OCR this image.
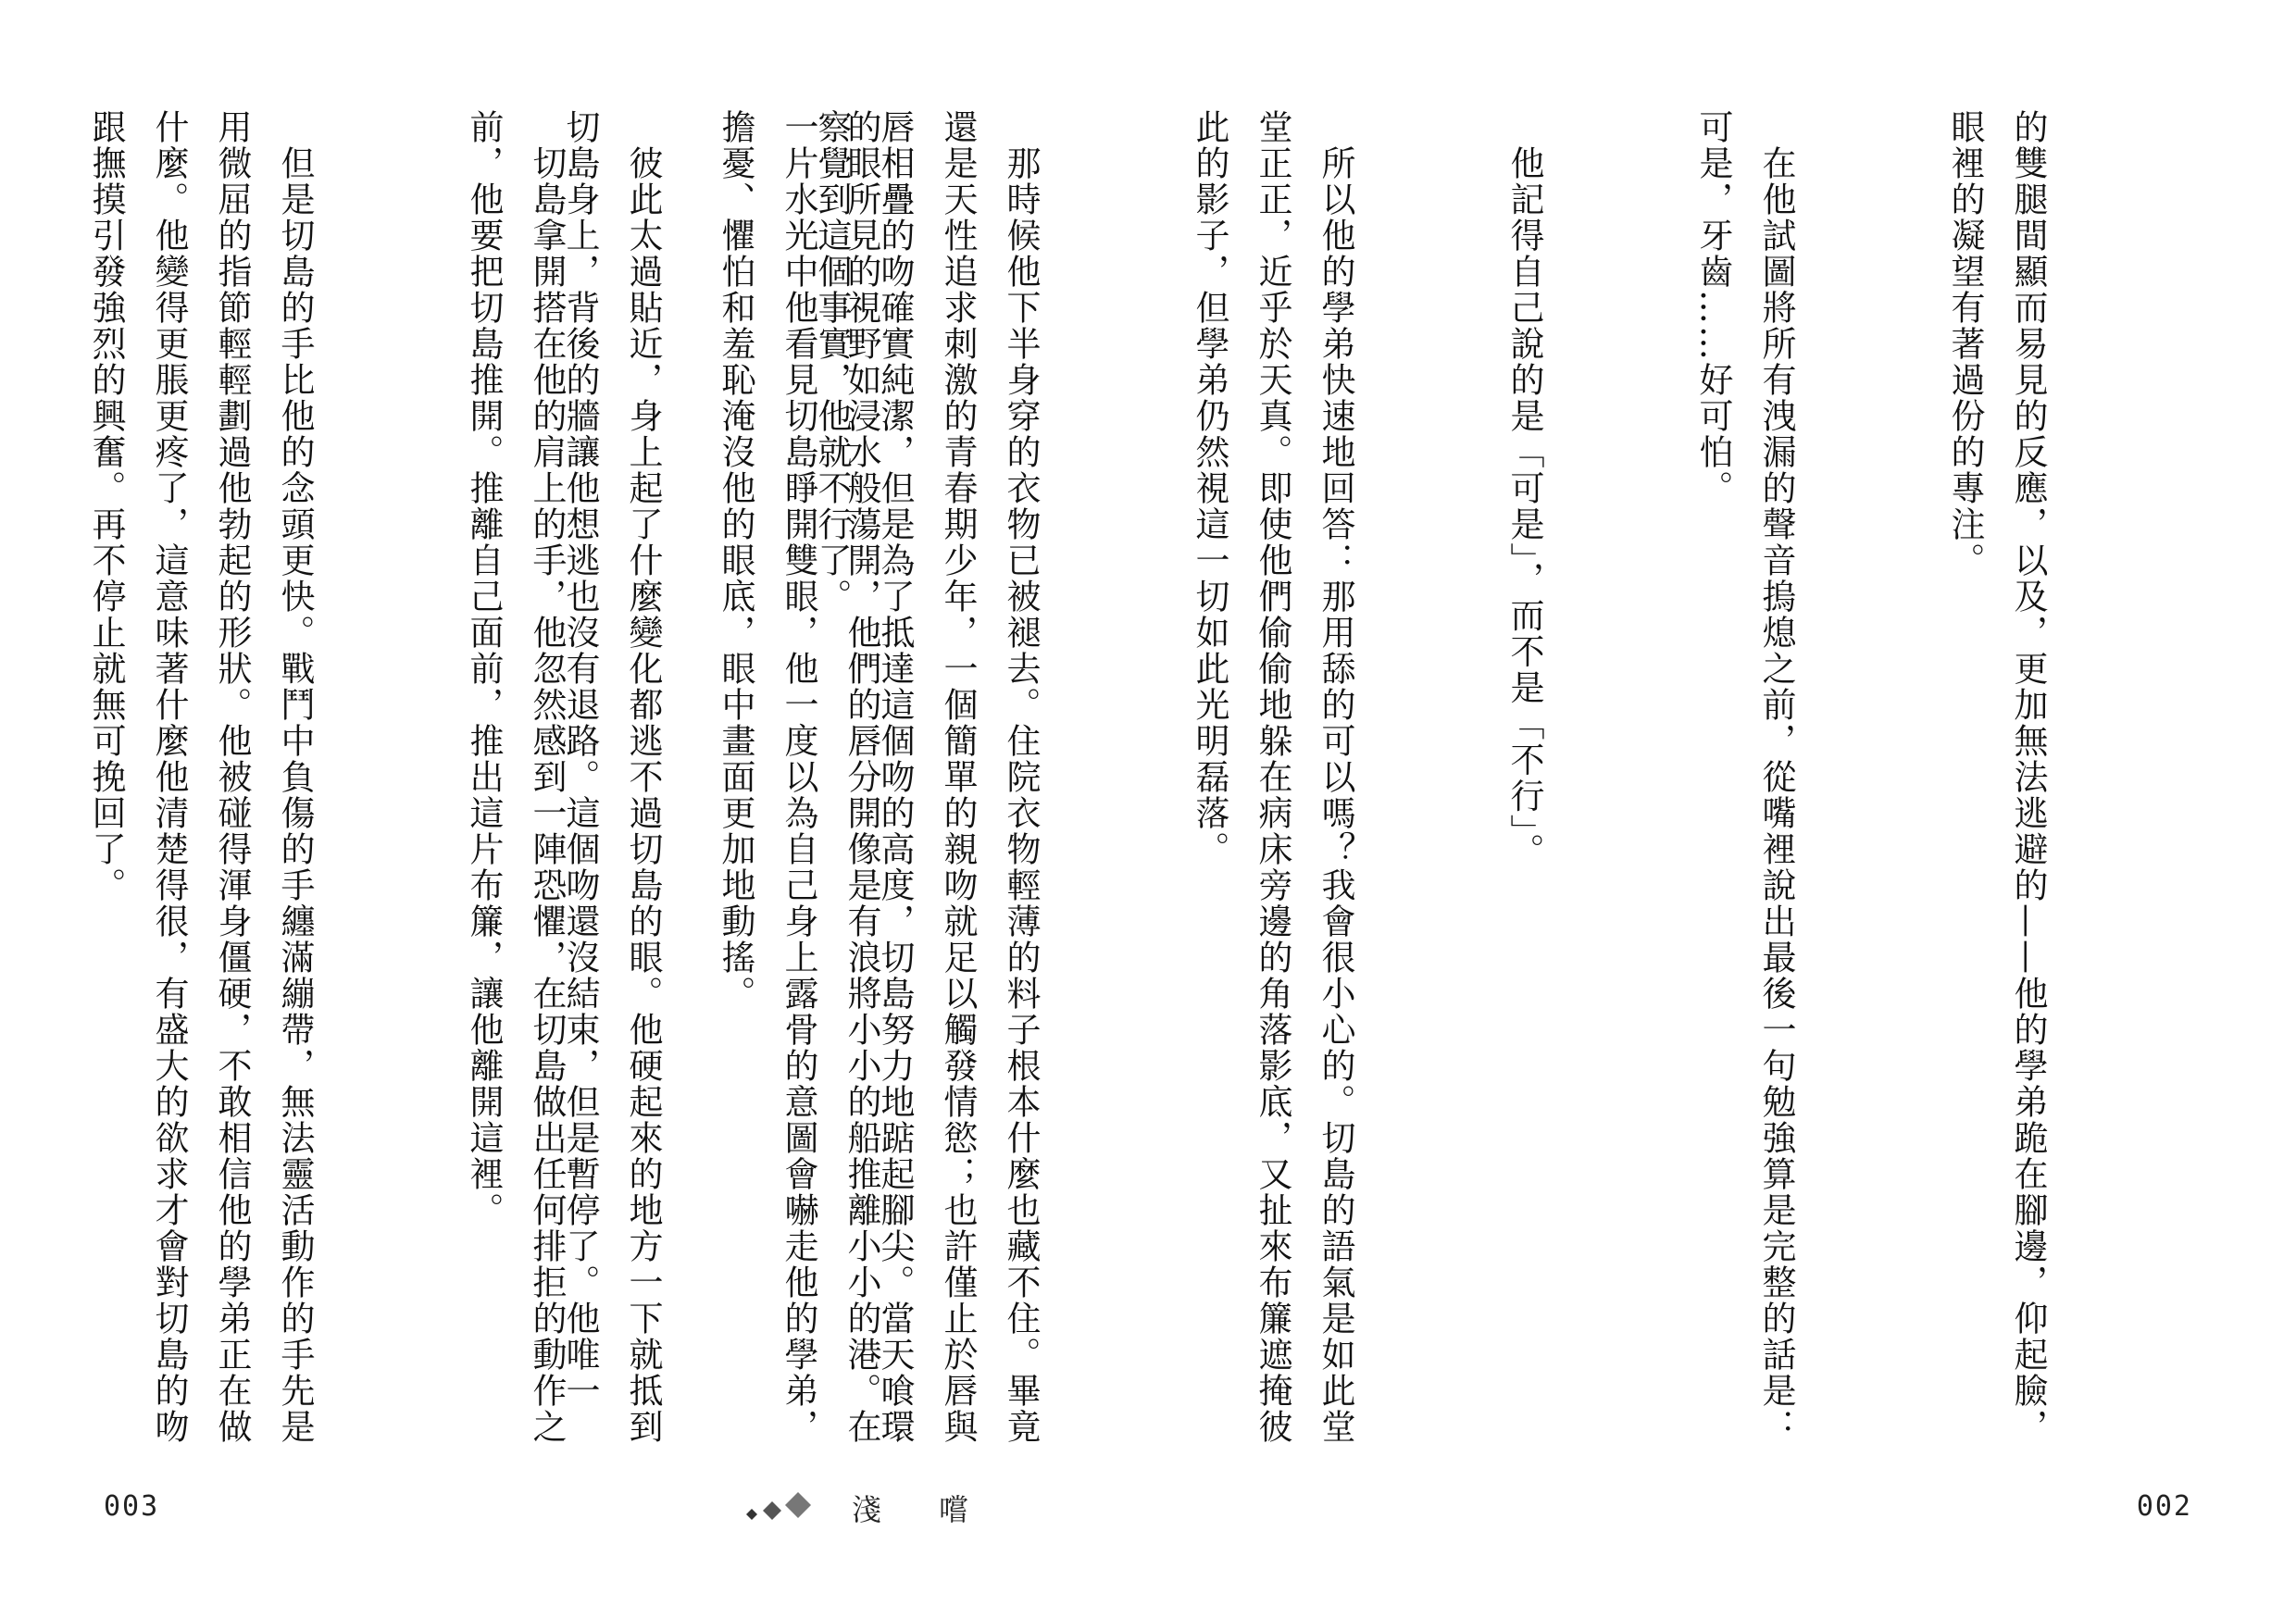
的眼所見的視野如浸水般蕩開，他們的唇分開像是有浪將小小的船推離小小的港。在一片水光中他看見切島睜開雙眼，他一度以為自己身上露骨的意圖會嚇走他的學弟，擔憂、懼怕和羞恥淹沒他的眼底，眼中畫面更加地動搖。

　切島拿開搭在他的肩上的手，他忽然感到一陣恐懼，在切島做出任何排拒的動作之前，他要把切島推開。推離自己面前，推出這片布簾，讓他離開這裡。

　但是切島的手比他的念頭更快。戰鬥中負傷的手纏滿繃帶，無法靈活動作的手先是用微屈的指節輕輕劃過他勃起的形狀。他被碰得渾身僵硬，不敢相信他的學弟正在做什麼。他變得更脹更疼了，這意味著什麼他清楚得很，有盛大的欲求才會對切島的吻跟撫摸引發強烈的興奮。再不停止就無可挽回了。

003	淺 嚐

的雙腿間顯而易見的反應，以及，更加無法逃避的——他的學弟跪在腳邊，仰起臉，眼裡的凝望有著過份的專注。

　在他試圖將所有洩漏的聲音摀熄之前，從嘴裡說出最後一句勉強算是完整的話是：可是，牙齒……好可怕。

　他記得自己說的是「可是」，而不是「不行」。

　所以他的學弟快速地回答：那用舔的可以嗎？我會很小心的。切島的語氣是如此堂堂正正，近乎於天真。即使他們偷偷地躲在病床旁邊的角落影底，又扯來布簾遮掩彼此的影子，但學弟仍然視這一切如此光明磊落。

　那時候他下半身穿的衣物已被褪去。住院衣物輕薄的料子根本什麼也藏不住。畢竟還是天性追求刺激的青春期少年，一個簡單的親吻就足以觸發情慾；也許僅止於唇與唇相疊的吻確實純潔，但是為了抵達這個吻的高度，切島努力地踮起腳尖。當天喰環察覺到這個事實，他就不行了。

　彼此太過貼近，身上起了什麼變化都逃不過切島的眼。他硬起來的地方一下就抵到切島身上，背後的牆讓他想逃也沒有退路。這個吻還沒結束，但是暫停了。他唯一

002
